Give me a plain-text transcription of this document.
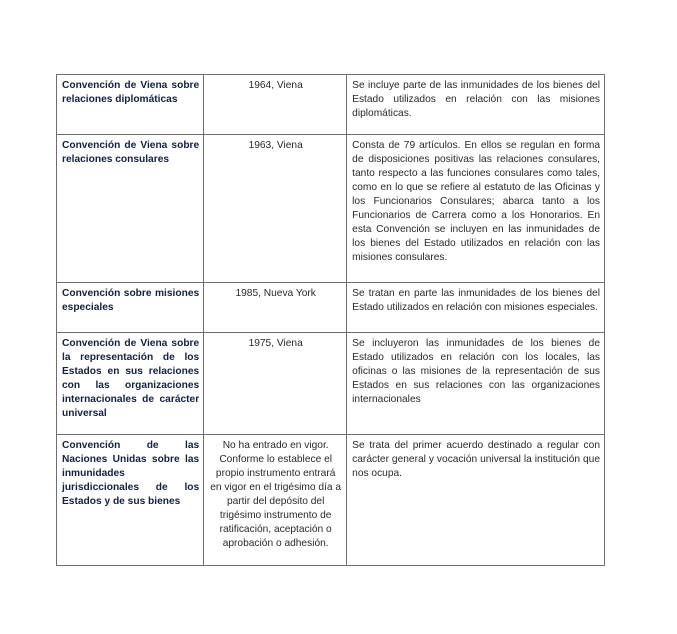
Convención de Viena sobre relaciones diplomáticas	1964, Viena	Se incluye parte de las inmunidades de los bienes del Estado utilizados en relación con las misiones diplomáticas.
Convención de Viena sobre relaciones consulares	1963, Viena	Consta de 79 artículos. En ellos se regulan en forma de disposiciones positivas las relaciones consulares, tanto respecto a las funciones consulares como tales, como en lo que se refiere al estatuto de las Oficinas y los Funcionarios Consulares; abarca tanto a los Funcionarios de Carrera como a los Honorarios. En esta Convención se incluyen en las inmunidades de los bienes del Estado utilizados en relación con las misiones consulares.
Convención sobre misiones especiales	1985, Nueva York	Se tratan en parte las inmunidades de los bienes del Estado utilizados en relación con misiones especiales.
Convención de Viena sobre la representación de los Estados en sus relaciones con las organizaciones internacionales de carácter universal	1975, Viena	Se incluyeron las inmunidades de los bienes de Estado utilizados en relación con los locales, las oficinas o las misiones de la representación de sus Estados en sus relaciones con las organizaciones internacionales
Convención de las Naciones Unidas sobre las inmunidades jurisdiccionales de los Estados y de sus bienes	No ha entrado en vigor. Conforme lo establece el propio instrumento entrará en vigor en el trigésimo día a partir del depósito del trigésimo instrumento de ratificación, aceptación o aprobación o adhesión.	Se trata del primer acuerdo destinado a regular con carácter general y vocación universal la institución que nos ocupa.
